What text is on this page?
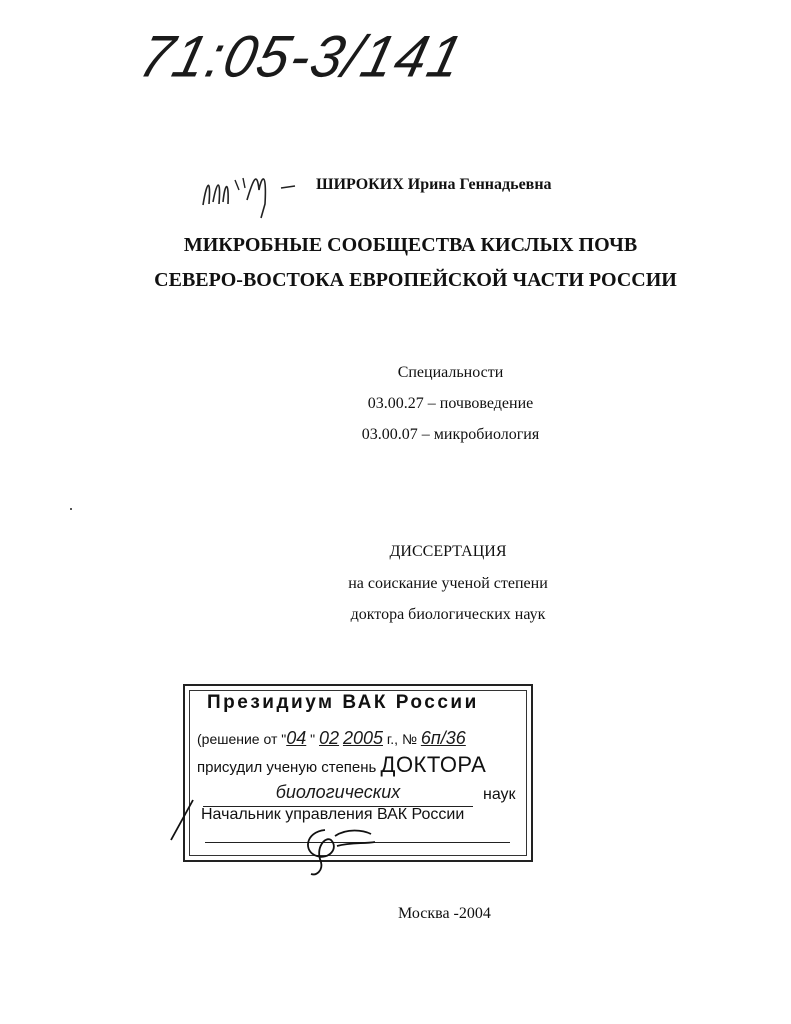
71:05-3/141
ШИРОКИХ Ирина Геннадьевна
МИКРОБНЫЕ СООБЩЕСТВА КИСЛЫХ ПОЧВ
СЕВЕРО-ВОСТОКА ЕВРОПЕЙСКОЙ ЧАСТИ РОССИИ
Специальности
03.00.27 – почвоведение
03.00.07 – микробиология
ДИССЕРТАЦИЯ
на соискание ученой степени
доктора биологических наук
Президиум ВАК России
(решение от "04 " 02 2005 г., № 6п/36
присудил ученую степень ДОКТОРА
биологических	наук
Начальник управления ВАК России
Москва -2004
